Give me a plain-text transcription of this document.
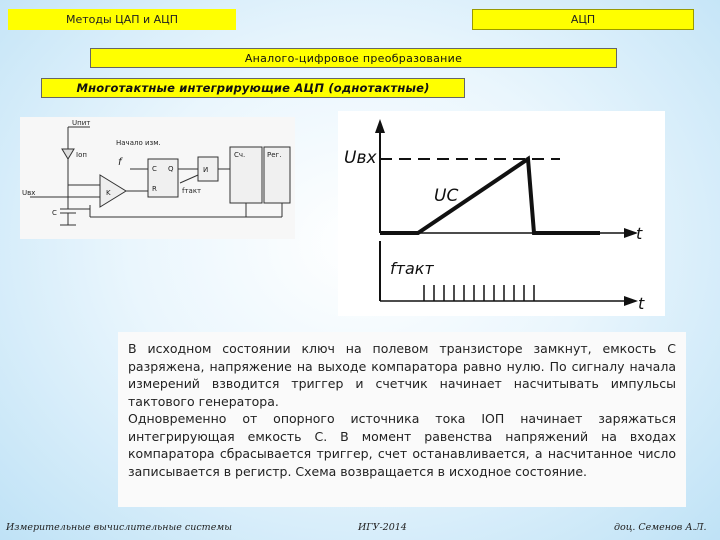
Методы ЦАП и АЦП	АЦП
Аналого-цифровое преобразование
Многотактные интегрирующие АЦП (однотактные)
Uпит
Iоп
Начало изм.
f
K
C
R
Q	И
Сч.	Рег.
fтакт
Uвх
C
Uвх
UC
t
fтакт
t
В исходном состоянии ключ на полевом транзисторе замкнут, емкость C разряжена, напряжение на выходе компаратора равно нулю. По сигналу начала измерений взводится триггер и счетчик начинает насчитывать импульсы тактового генератора.
Одновременно от опорного источника тока IОП начинает заряжаться интегрирующая емкость C. В момент равенства напряжений на входах компаратора сбрасывается триггер, счет останавливается, а насчитанное число записывается в регистр. Схема возвращается в исходное состояние.
Измерительные вычислительные системы	ИГУ-2014	доц. Семенов А.Л.
